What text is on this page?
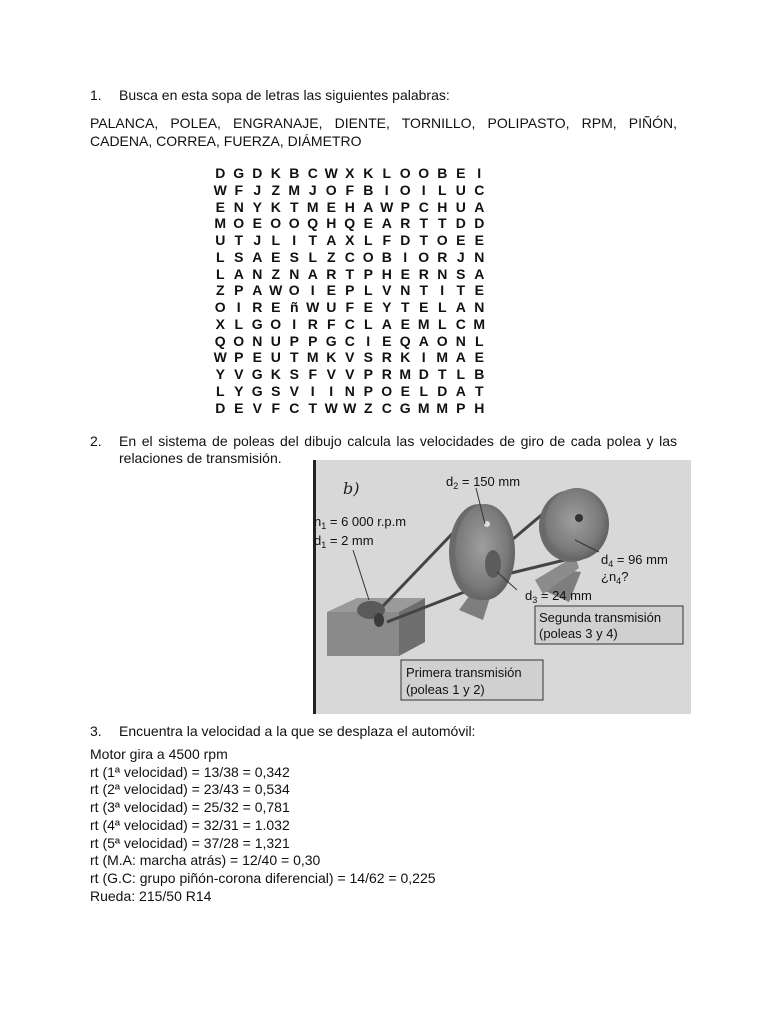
1. Busca en esta sopa de letras las siguientes palabras:
PALANCA, POLEA, ENGRANAJE, DIENTE, TORNILLO, POLIPASTO, RPM, PIÑÓN,
CADENA, CORREA, FUERZA, DIÁMETRO
D G D K B C W X K L O O B E I
W F J Z M J O F B I O I L U C
E N Y K T M E H A W P C H U A
M O E O O Q H Q E A R T T D D
U T J L I T A X L F D T O E E
L S A E S L Z C O B I O R J N
L A N Z N A R T P H E R N S A
Z P A W O I E P L V N T I T E
O I R E ñ W U F E Y T E L A N
X L G O I R F C L A E M L C M
Q O N U P P G C I E Q A O N L
W P E U T M K V S R K I M A E
Y V G K S F V V P R M D T L B
L Y G S V I	I N P O E L D A T
D E V F C T W W Z C G M M P H
2. En el sistema de poleas del dibujo calcula las velocidades de giro de cada polea y las
relaciones de transmisión.
b)	$d_2 = 150$ mm
$n_1 = 6$ 000 r.p.m
$d_1 = 2$ mm
$d_4 = 96$ mm
¿$n_4$?
$d_3 = 24$ mm
Segunda transmisión
(poleas 3 y 4)
Primera transmisión
(poleas 1 y 2)
3. Encuentra la velocidad a la que se desplaza el automóvil:
Motor gira a 4500 rpm
rt (1ª velocidad) = 13/38 = 0,342
rt (2ª velocidad) = 23/43 = 0,534
rt (3ª velocidad) = 25/32 = 0,781
rt (4ª velocidad) = 32/31 = 1.032
rt (5ª velocidad) = 37/28 = 1,321
rt (M.A: marcha atrás) = 12/40 = 0,30
rt (G.C: grupo piñón-corona diferencial) = 14/62 = 0,225
Rueda: 215/50 R14
